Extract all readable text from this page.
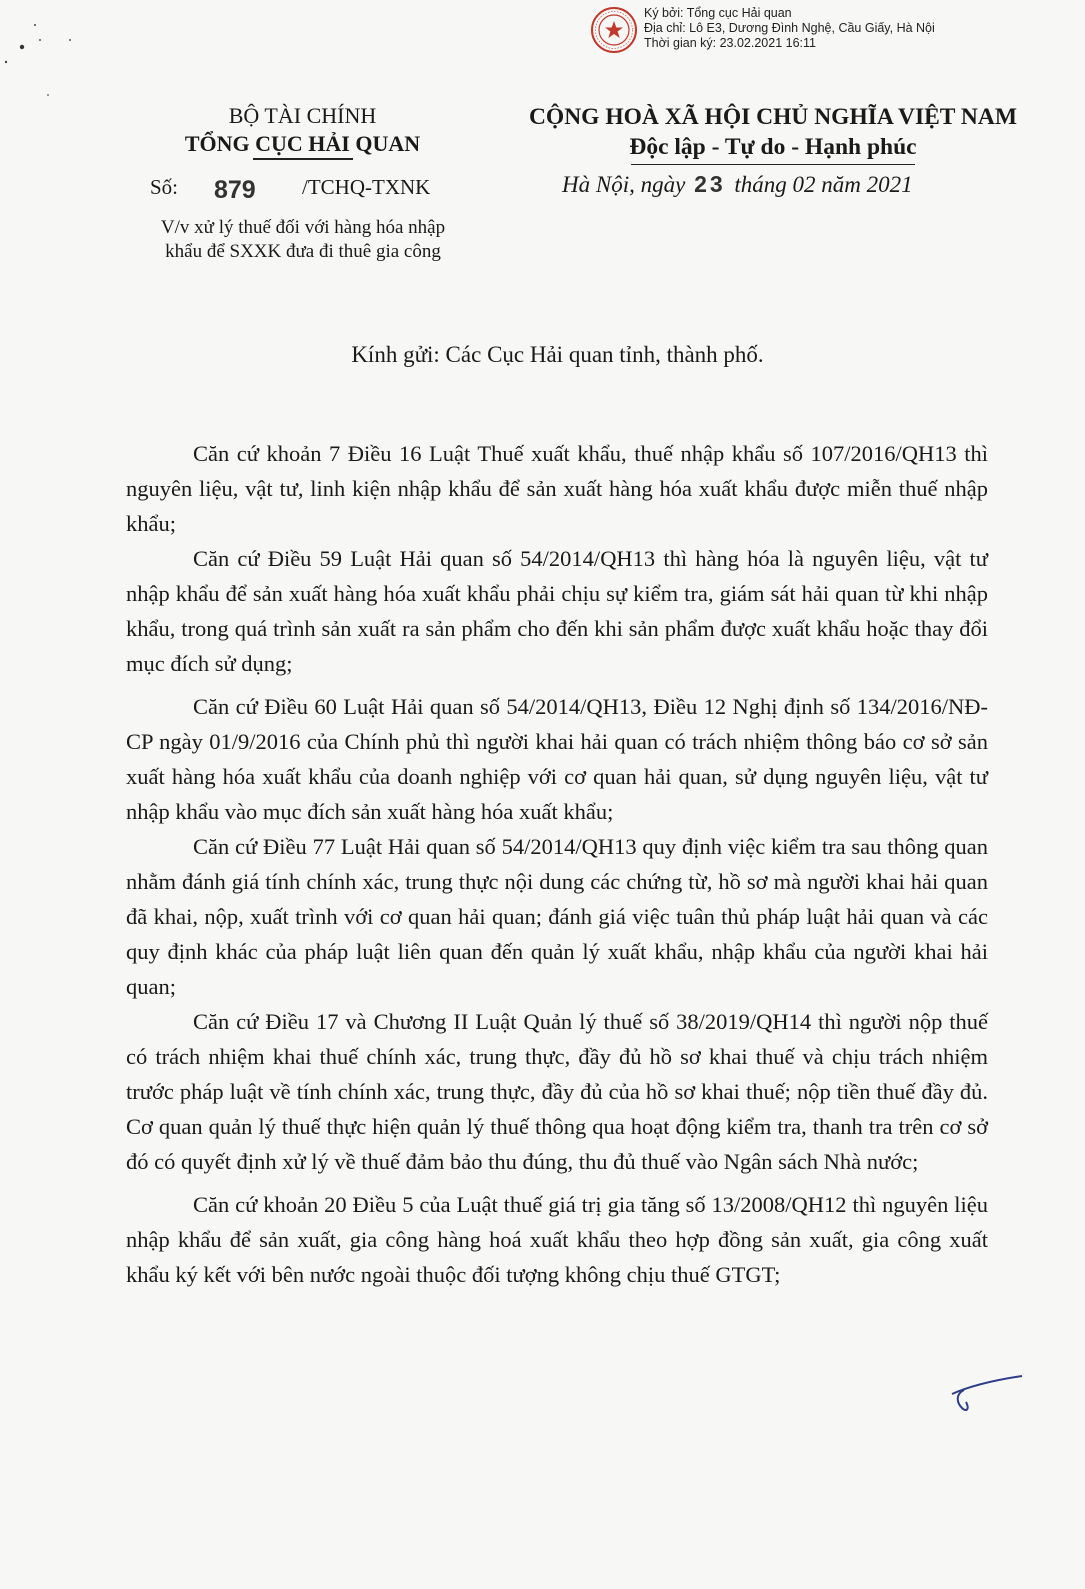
Ký bởi: Tổng cục Hải quan
Địa chỉ: Lô E3, Dương Đình Nghệ, Cầu Giấy, Hà Nội
Thời gian ký: 23.02.2021 16:11
BỘ TÀI CHÍNH
TỔNG CỤC HẢI QUAN
Số: 879 /TCHQ-TXNK
V/v xử lý thuế đối với hàng hóa nhập
khẩu để SXXK đưa đi thuê gia công
CỘNG HOÀ XÃ HỘI CHỦ NGHĨA VIỆT NAM
Độc lập - Tự do - Hạnh phúc
Hà Nội, ngày 23 tháng 02 năm 2021
Kính gửi: Các Cục Hải quan tỉnh, thành phố.

Căn cứ khoản 7 Điều 16 Luật Thuế xuất khẩu, thuế nhập khẩu số 107/2016/QH13 thì nguyên liệu, vật tư, linh kiện nhập khẩu để sản xuất hàng hóa xuất khẩu được miễn thuế nhập khẩu;

Căn cứ Điều 59 Luật Hải quan số 54/2014/QH13 thì hàng hóa là nguyên liệu, vật tư nhập khẩu để sản xuất hàng hóa xuất khẩu phải chịu sự kiểm tra, giám sát hải quan từ khi nhập khẩu, trong quá trình sản xuất ra sản phẩm cho đến khi sản phẩm được xuất khẩu hoặc thay đổi mục đích sử dụng;

Căn cứ Điều 60 Luật Hải quan số 54/2014/QH13, Điều 12 Nghị định số 134/2016/NĐ-CP ngày 01/9/2016 của Chính phủ thì người khai hải quan có trách nhiệm thông báo cơ sở sản xuất hàng hóa xuất khẩu của doanh nghiệp với cơ quan hải quan, sử dụng nguyên liệu, vật tư nhập khẩu vào mục đích sản xuất hàng hóa xuất khẩu;

Căn cứ Điều 77 Luật Hải quan số 54/2014/QH13 quy định việc kiểm tra sau thông quan nhằm đánh giá tính chính xác, trung thực nội dung các chứng từ, hồ sơ mà người khai hải quan đã khai, nộp, xuất trình với cơ quan hải quan; đánh giá việc tuân thủ pháp luật hải quan và các quy định khác của pháp luật liên quan đến quản lý xuất khẩu, nhập khẩu của người khai hải quan;

Căn cứ Điều 17 và Chương II Luật Quản lý thuế số 38/2019/QH14 thì người nộp thuế có trách nhiệm khai thuế chính xác, trung thực, đầy đủ hồ sơ khai thuế và chịu trách nhiệm trước pháp luật về tính chính xác, trung thực, đầy đủ của hồ sơ khai thuế; nộp tiền thuế đầy đủ. Cơ quan quản lý thuế thực hiện quản lý thuế thông qua hoạt động kiểm tra, thanh tra trên cơ sở đó có quyết định xử lý về thuế đảm bảo thu đúng, thu đủ thuế vào Ngân sách Nhà nước;

Căn cứ khoản 20 Điều 5 của Luật thuế giá trị gia tăng số 13/2008/QH12 thì nguyên liệu nhập khẩu để sản xuất, gia công hàng hoá xuất khẩu theo hợp đồng sản xuất, gia công xuất khẩu ký kết với bên nước ngoài thuộc đối tượng không chịu thuế GTGT;
